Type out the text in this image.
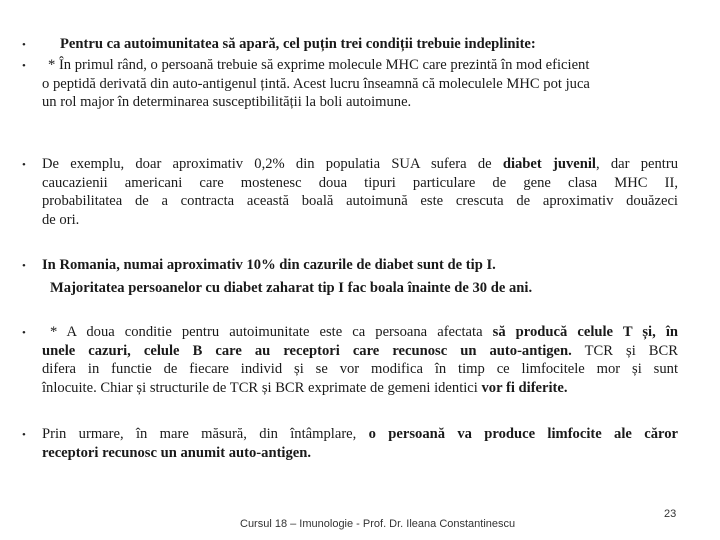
• Pentru ca autoimunitatea să apară, cel puțin trei condiții trebuie indeplinite:
•	* În primul rând, o persoană trebuie să exprime molecule MHC care prezintă în mod eficient
o peptidă derivată din auto-antigenul țintă. Acest lucru înseamnă că moleculele MHC pot juca
un rol major în determinarea susceptibilității la boli autoimune.
• De exemplu, doar aproximativ 0,2% din populatia SUA sufera de diabet juvenil, dar pentru
caucazienii americani care mostenesc doua tipuri particulare de gene clasa MHC II,
probabilitatea de a contracta această boală autoimună este crescuta de aproximativ douăzeci
de ori.
• In Romania, numai aproximativ 10% din cazurile de diabet sunt de tip I.
Majoritatea persoanelor cu diabet zaharat tip I fac boala înainte de 30 de ani.
•	* A doua conditie pentru autoimunitate este ca persoana afectata să producă celule T și, în
unele cazuri, celule B care au receptori care recunosc un auto-antigen. TCR și BCR
difera in functie de fiecare individ și se vor modifica în timp ce limfocitele mor și sunt
înlocuite. Chiar și structurile de TCR și BCR exprimate de gemeni identici vor fi diferite.
• Prin urmare, în mare măsură, din întâmplare, o persoană va produce limfocite ale căror
receptori recunosc un anumit auto-antigen.
Cursul 18 – Imunologie - Prof. Dr. Ileana Constantinescu
23
